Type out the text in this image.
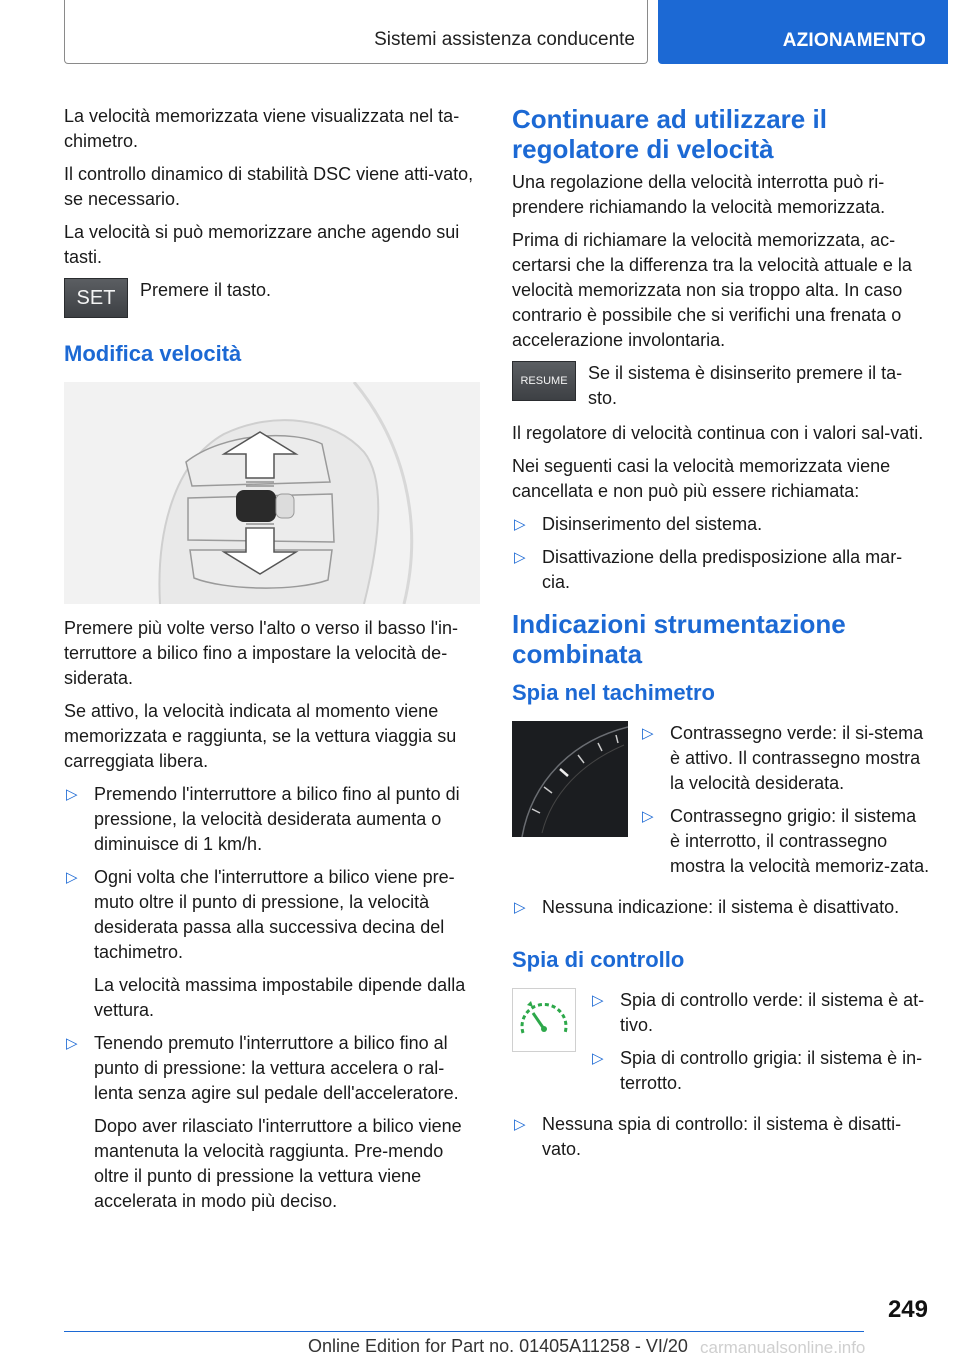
Sistemi assistenza conducente	AZIONAMENTO

La velocità memorizzata viene visualizzata nel ta-chimetro.

Il controllo dinamico di stabilità DSC viene atti-vato, se necessario.

La velocità si può memorizzare anche agendo sui tasti.

SET Premere il tasto.
Modifica velocità

Premere più volte verso l'alto o verso il basso l'in-terruttore a bilico fino a impostare la velocità de-siderata.

Se attivo, la velocità indicata al momento viene memorizzata e raggiunta, se la vettura viaggia su carreggiata libera.

▷ Premendo l'interruttore a bilico fino al punto di pressione, la velocità desiderata aumenta o diminuisce di 1 km/h.
▷ Ogni volta che l'interruttore a bilico viene pre-muto oltre il punto di pressione, la velocità desiderata passa alla successiva decina del tachimetro.
La velocità massima impostabile dipende dalla vettura.
▷ Tenendo premuto l'interruttore a bilico fino al punto di pressione: la vettura accelera o ral-lenta senza agire sul pedale dell'acceleratore.
Dopo aver rilasciato l'interruttore a bilico viene mantenuta la velocità raggiunta. Pre-mendo oltre il punto di pressione la vettura viene accelerata in modo più deciso.
Continuare ad utilizzare il regolatore di velocità

Una regolazione della velocità interrotta può ri-prendere richiamando la velocità memorizzata.

Prima di richiamare la velocità memorizzata, ac-certarsi che la differenza tra la velocità attuale e la velocità memorizzata non sia troppo alta. In caso contrario è possibile che si verifichi una frenata o accelerazione involontaria.

RESUME Se il sistema è disinserito premere il ta-sto.

Il regolatore di velocità continua con i valori sal-vati.

Nei seguenti casi la velocità memorizzata viene cancellata e non può più essere richiamata:

▷ Disinserimento del sistema.
▷ Disattivazione della predisposizione alla mar-cia.
Indicazioni strumentazione combinata
Spia nel tachimetro
▷ Contrassegno verde: il si-stema è attivo. Il contrassegno mostra la velocità desiderata.
▷ Contrassegno grigio: il sistema è interrotto, il contrassegno mostra la velocità memoriz-zata.
▷ Nessuna indicazione: il sistema è disattivato.
Spia di controllo
▷ Spia di controllo verde: il sistema è at-tivo.
▷ Spia di controllo grigia: il sistema è in-terrotto.
▷ Nessuna spia di controllo: il sistema è disatti-vato.
249
Online Edition for Part no. 01405A11258 - VI/20 carmanualsonline.info
